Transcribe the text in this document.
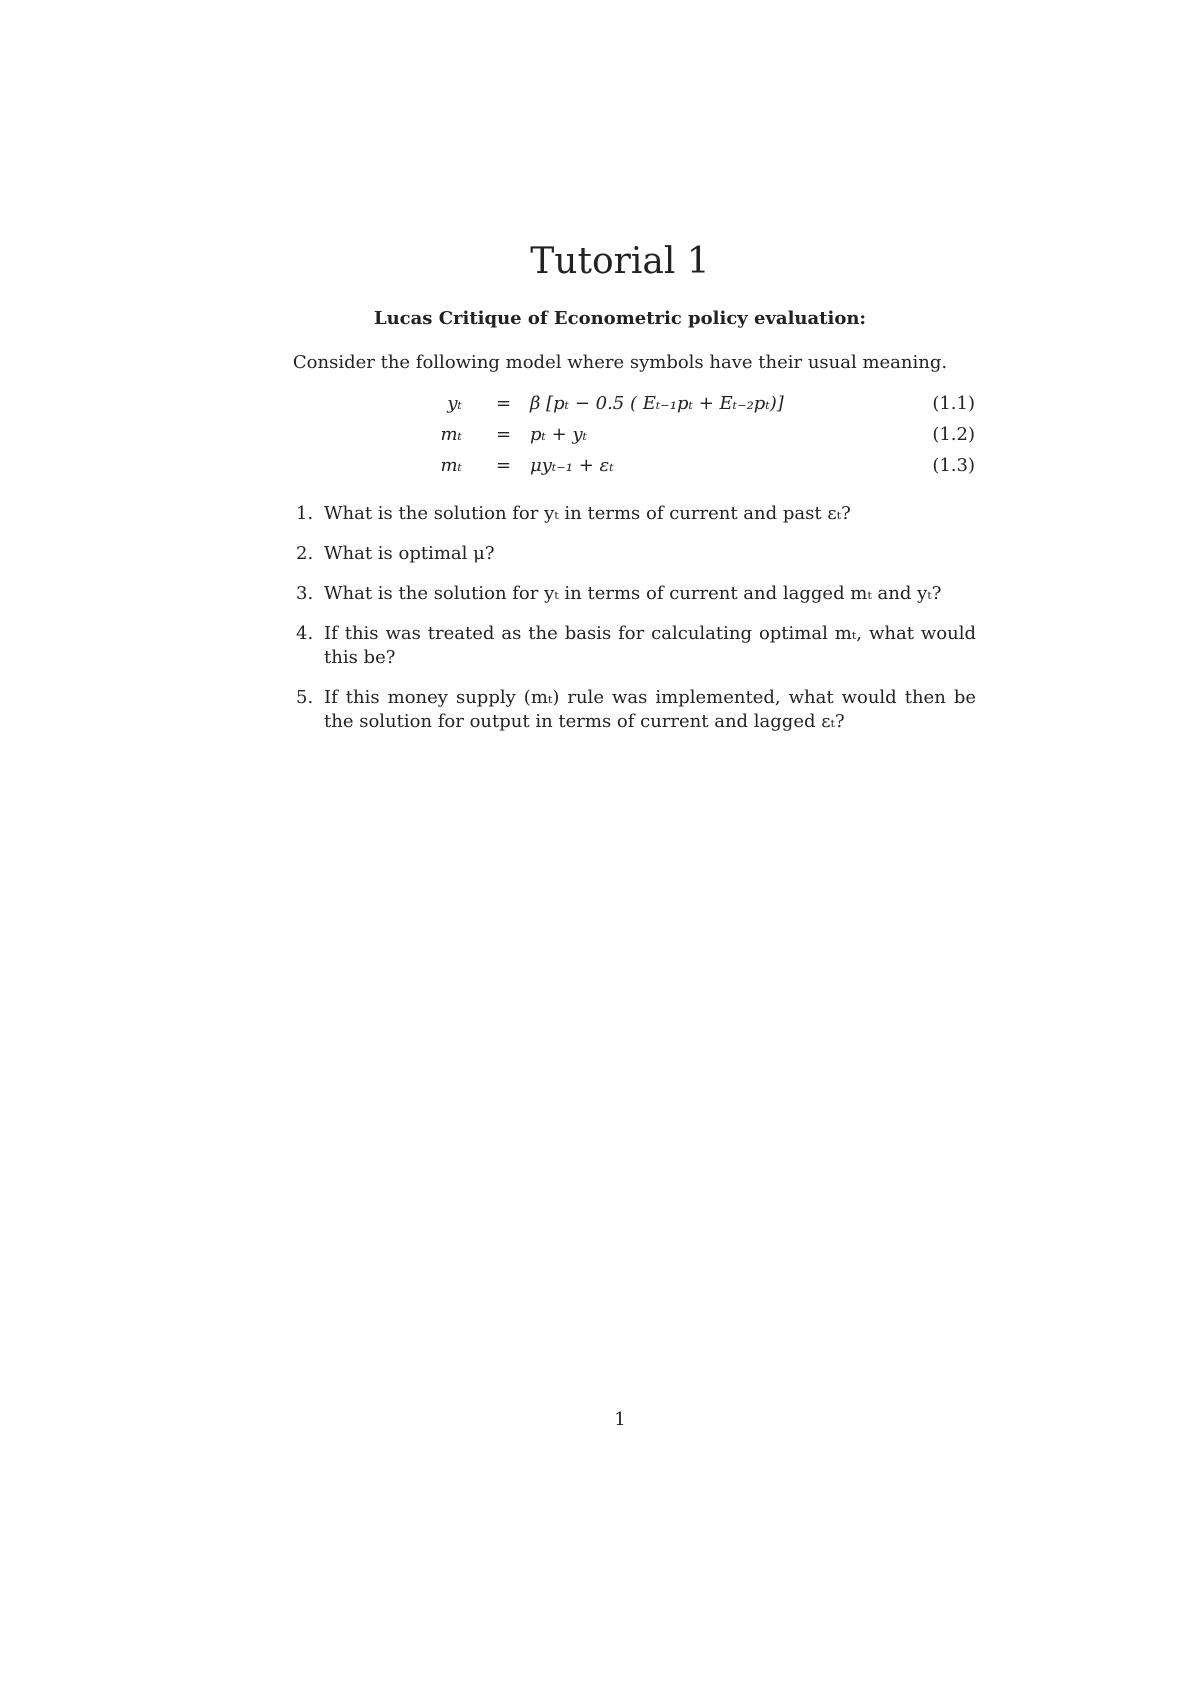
Tutorial 1

Lucas Critique of Econometric policy evaluation:

Consider the following model where symbols have their usual meaning.

yₜ = β [pₜ − 0.5 ( Eₜ₋₁pₜ + Eₜ₋₂pₜ)]	(1.1)
mₜ = pₜ + yₜ	(1.2)
mₜ = μyₜ₋₁ + εₜ	(1.3)
1. What is the solution for yₜ in terms of current and past εₜ?
2. What is optimal μ?
3. What is the solution for yₜ in terms of current and lagged mₜ and yₜ?
4. If this was treated as the basis for calculating optimal mₜ, what would this be?
5. If this money supply (mₜ) rule was implemented, what would then be the solution for output in terms of current and lagged εₜ?
1
